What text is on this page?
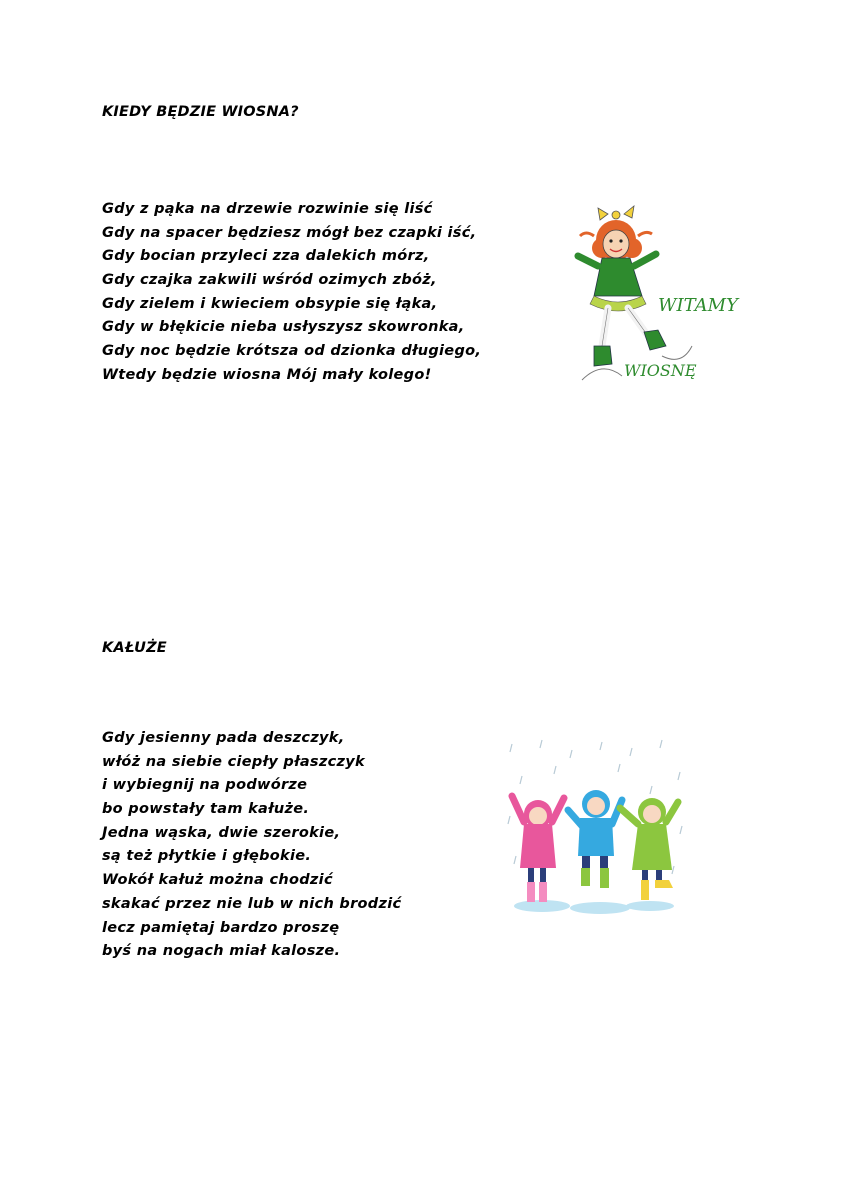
KIEDY BĘDZIE WIOSNA?
Gdy z pąka na drzewie rozwinie się liść
Gdy na spacer będziesz mógł bez czapki iść,
Gdy bocian przyleci zza dalekich mórz,
Gdy czajka zakwili wśród ozimych zbóż,
Gdy zielem i kwieciem obsypie się łąka,
Gdy w błękicie nieba usłyszysz skowronka,
Gdy noc będzie krótsza od dzionka długiego,
Wtedy będzie wiosna Mój mały kolego!
WITAMY
WIOSNĘ
KAŁUŻE
Gdy jesienny pada deszczyk,
włóż na siebie ciepły płaszczyk
i wybiegnij na podwórze
bo powstały tam kałuże.
Jedna wąska, dwie szerokie,
są też płytkie i głębokie.
Wokół kałuż można chodzić
skakać przez nie lub w nich brodzić
lecz pamiętaj bardzo proszę
byś na nogach miał kalosze.
